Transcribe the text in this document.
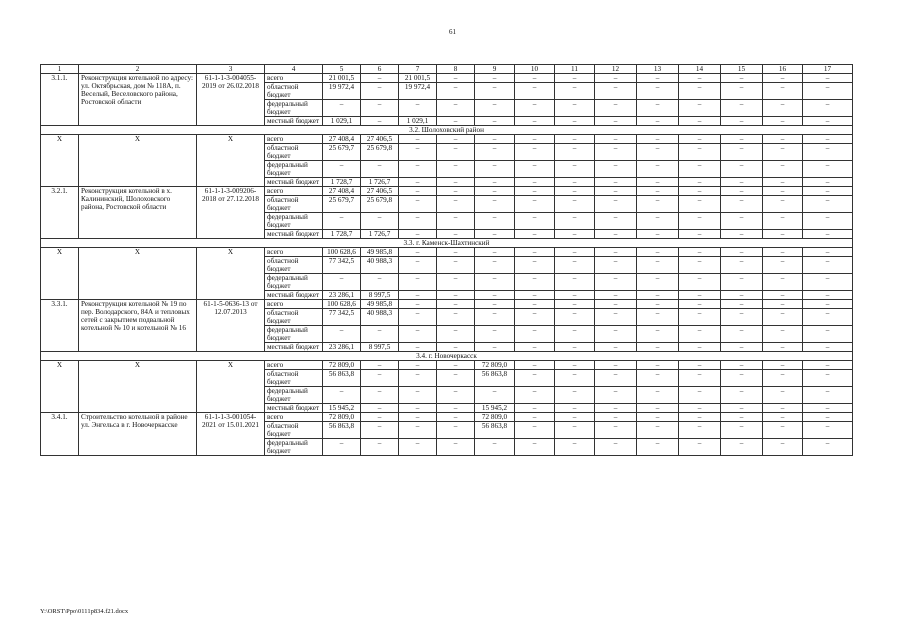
61
1	2	3	4	5	6	7	8	9	10	11	12	13	14	15	16	17
3.1.1.	Реконструкция котельной по адресу: ул. Октябрьская, дом № 118А, п. Веселый, Веселовского района, Ростовской области	61-1-1-3-004055-2019 от 26.02.2018	всего	21 001,5	–	21 001,5	–	–	–	–	–	–	–	–	–	–
			областной бюджет	19 972,4	–	19 972,4	–	–	–	–	–	–	–	–	–	–
			федеральный бюджет	–	–	–	–	–	–	–	–	–	–	–	–	–
			местный бюджет	1 029,1	–	1 029,1	–	–	–	–	–	–	–	–	–	–
3.2. Шолоховский район																
X	X	X	всего	27 408,4	27 406,5	–	–	–	–	–	–	–	–	–	–	–
			областной бюджет	25 679,7	25 679,8	–	–	–	–	–	–	–	–	–	–	–
			федеральный бюджет	–	–	–	–	–	–	–	–	–	–	–	–	–
			местный бюджет	1 728,7	1 726,7	–	–	–	–	–	–	–	–	–	–	–
3.2.1.	Реконструкция котельной в х. Калининский, Шолоховского района, Ростовской области	61-1-1-3-009206-2018 от 27.12.2018	всего	27 408,4	27 406,5	–	–	–	–	–	–	–	–	–	–	–
			областной бюджет	25 679,7	25 679,8	–	–	–	–	–	–	–	–	–	–	–
			федеральный бюджет	–	–	–	–	–	–	–	–	–	–	–	–	–
			местный бюджет	1 728,7	1 726,7	–	–	–	–	–	–	–	–	–	–	–
3.3. г. Каменск-Шахтинский																
X	X	X	всего	100 628,6	49 985,8	–	–	–	–	–	–	–	–	–	–	–
			областной бюджет	77 342,5	40 988,3	–	–	–	–	–	–	–	–	–	–	–
			федеральный бюджет	–	–	–	–	–	–	–	–	–	–	–	–	–
			местный бюджет	23 286,1	8 997,5	–	–	–	–	–	–	–	–	–	–	–
3.3.1.	Реконструкция котельной № 19 по пер. Володарского, 84А и тепловых сетей с закрытием подвальной котельной № 10 и котельной № 16	61-1-5-0636-13 от 12.07.2013	всего	100 628,6	49 985,8	–	–	–	–	–	–	–	–	–	–	–
			областной бюджет	77 342,5	40 988,3	–	–	–	–	–	–	–	–	–	–	–
			федеральный бюджет	–	–	–	–	–	–	–	–	–	–	–	–	–
			местный бюджет	23 286,1	8 997,5	–	–	–	–	–	–	–	–	–	–	–
3.4. г. Новочеркасск																
X	X	X	всего	72 809,0	–	–	–	72 809,0	–	–	–	–	–	–	–	–
			областной бюджет	56 863,8	–	–	–	56 863,8	–	–	–	–	–	–	–	–
			федеральный бюджет	–	–	–	–	–	–	–	–	–	–	–	–	–
			местный бюджет	15 945,2	–	–	–	15 945,2	–	–	–	–	–	–	–	–
3.4.1.	Строительство котельной в районе ул. Энгельса в г. Новочеркасске	61-1-1-3-001054-2021 от 15.01.2021	всего	72 809,0	–	–	–	72 809,0	–	–	–	–	–	–	–	–
			областной бюджет	56 863,8	–	–	–	56 863,8	–	–	–	–	–	–	–	–
			федеральный бюджет	–	–	–	–	–	–	–	–	–	–	–	–	–
Y:\ORST\Ppo\0111p834.f21.docx
